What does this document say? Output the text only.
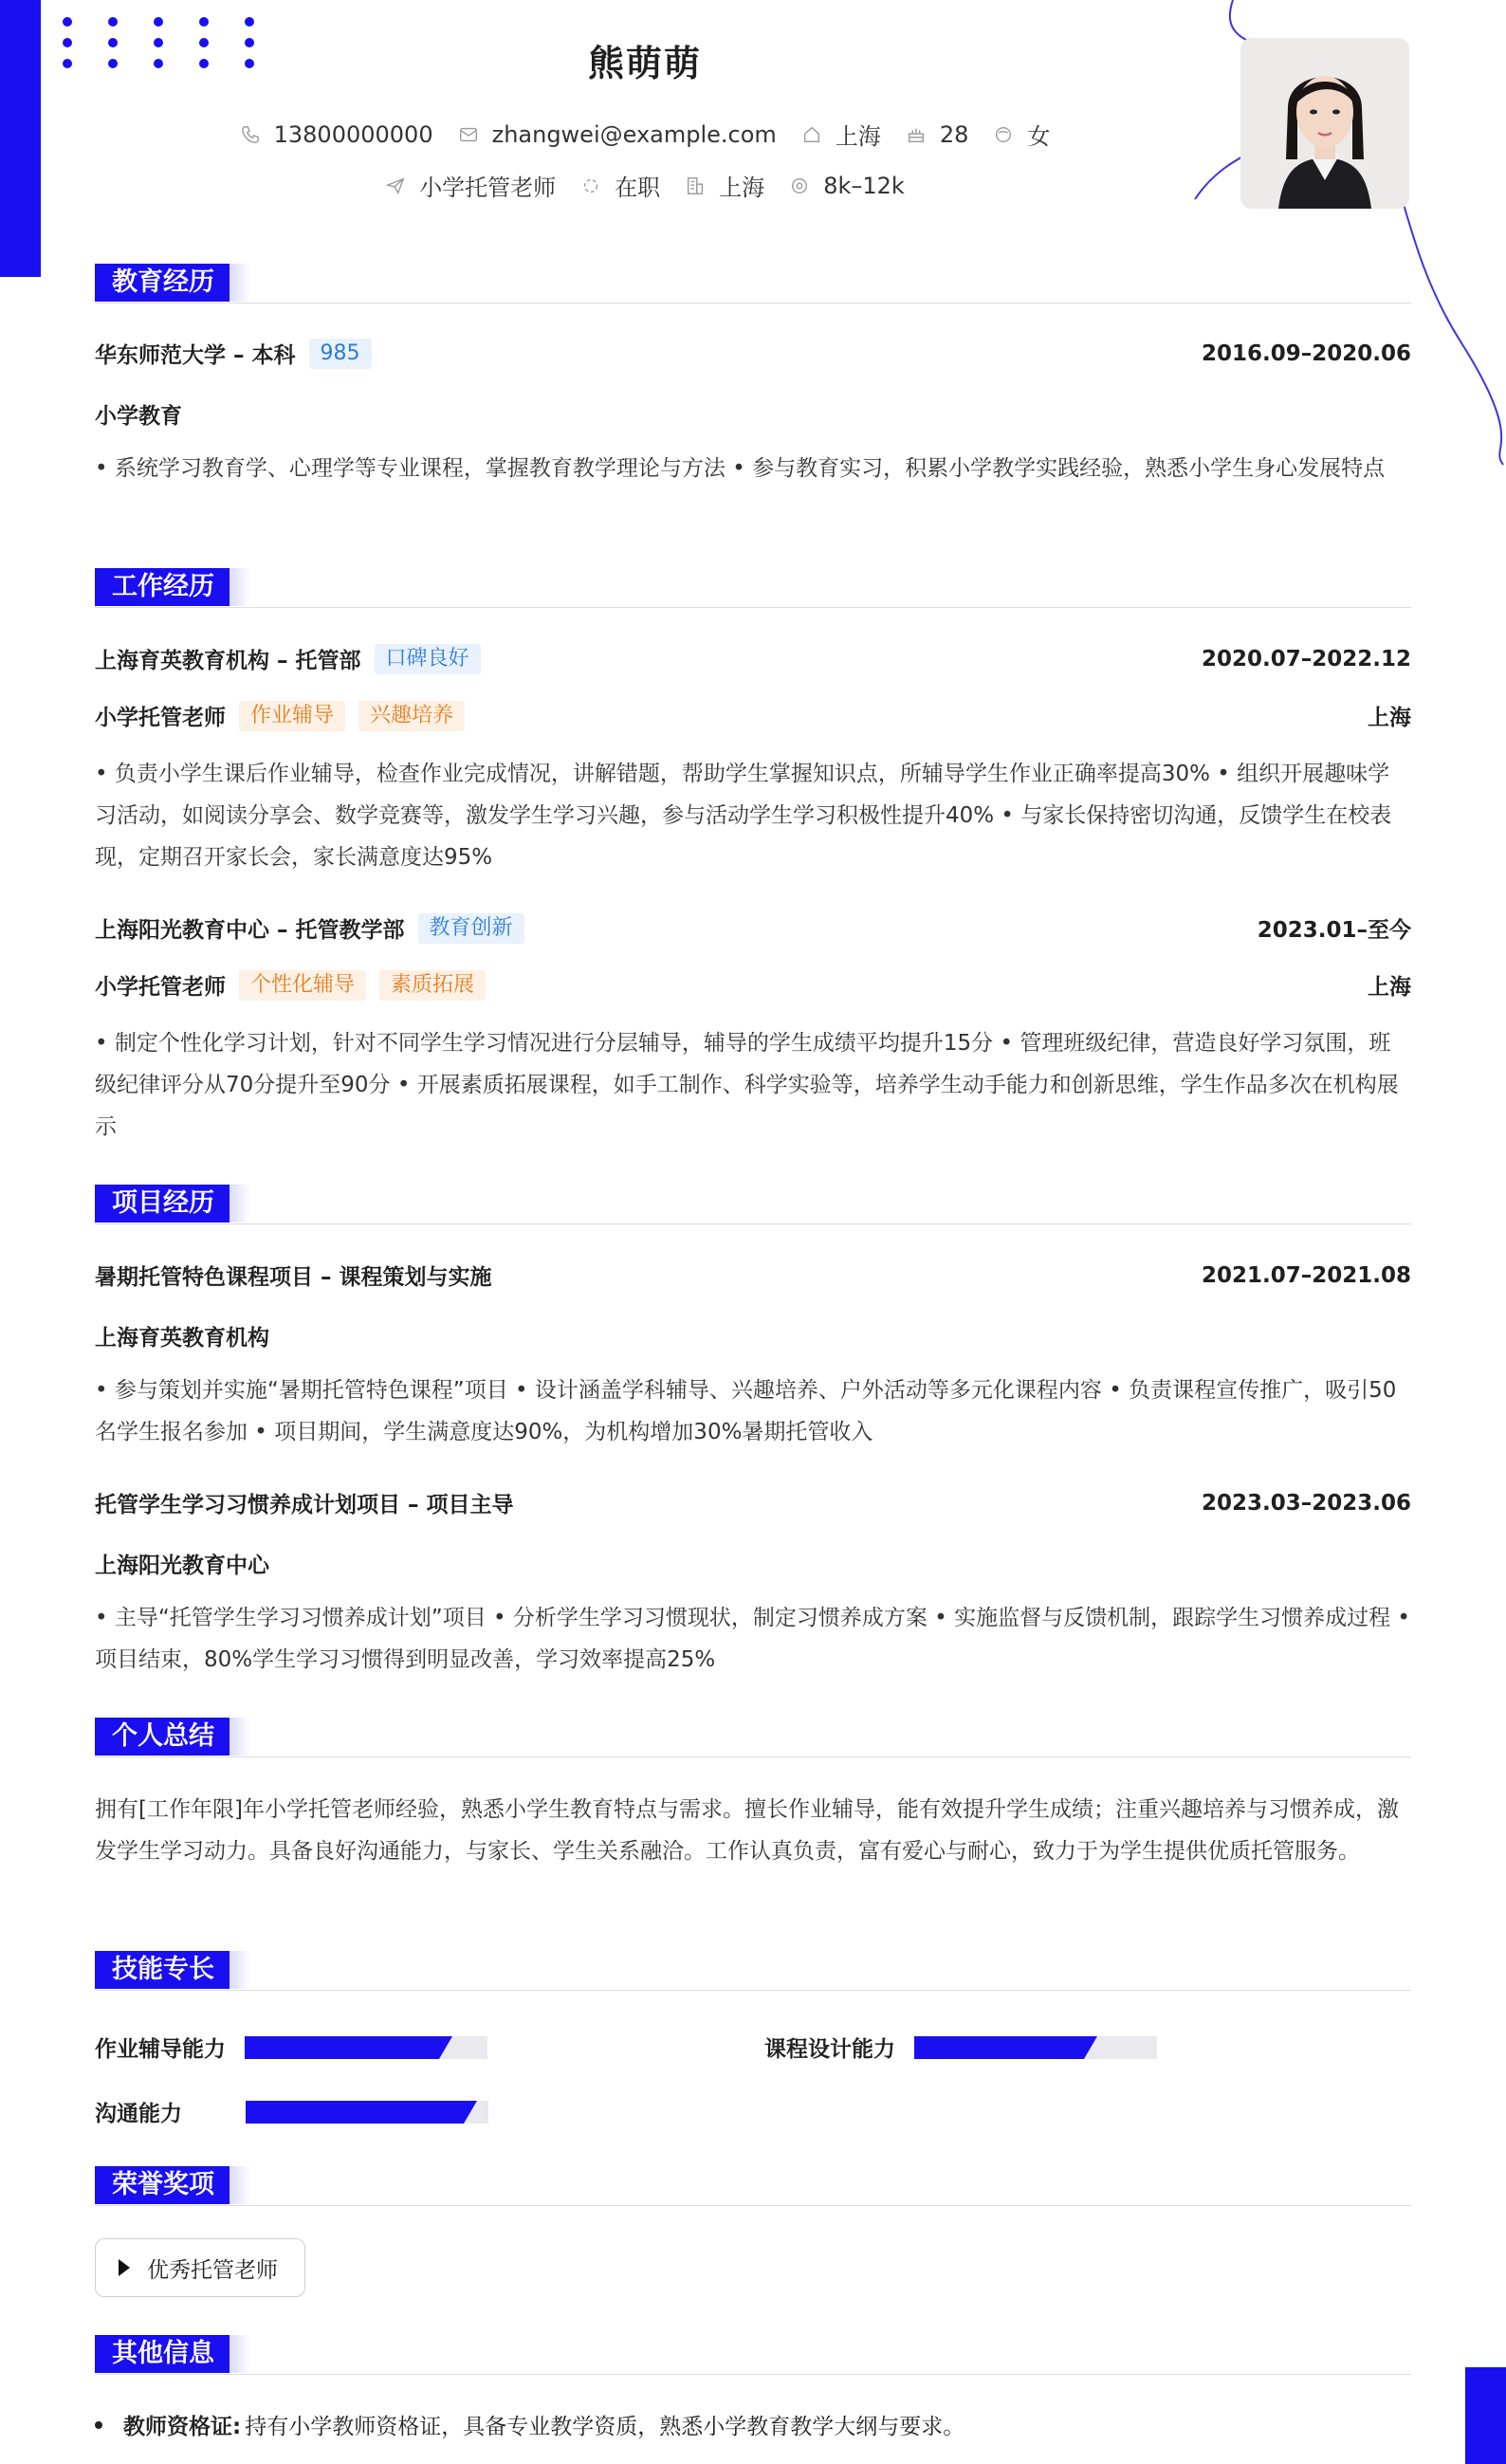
熊萌萌
13800000000	zhangwei@example.com	上海	28	女
小学托管老师	在职	上海	8k–12k
教育经历
华东师范大学 – 本科	985	2016.09–2020.06
小学教育
• 系统学习教育学、心理学等专业课程，掌握教育教学理论与方法 • 参与教育实习，积累小学教学实践经验，熟悉小学生身心发展特点
工作经历
上海育英教育机构 – 托管部	口碑良好	2020.07–2022.12
小学托管老师	作业辅导	兴趣培养	上海
• 负责小学生课后作业辅导，检查作业完成情况，讲解错题，帮助学生掌握知识点，所辅导学生作业正确率提高30% • 组织开展趣味学习活动，如阅读分享会、数学竞赛等，激发学生学习兴趣，参与活动学生学习积极性提升40% • 与家长保持密切沟通，反馈学生在校表现，定期召开家长会，家长满意度达95%
上海阳光教育中心 – 托管教学部	教育创新	2023.01–至今
小学托管老师	个性化辅导	素质拓展	上海
• 制定个性化学习计划，针对不同学生学习情况进行分层辅导，辅导的学生成绩平均提升15分 • 管理班级纪律，营造良好学习氛围，班级纪律评分从70分提升至90分 • 开展素质拓展课程，如手工制作、科学实验等，培养学生动手能力和创新思维，学生作品多次在机构展示
项目经历
暑期托管特色课程项目 – 课程策划与实施	2021.07–2021.08
上海育英教育机构
• 参与策划并实施“暑期托管特色课程”项目 • 设计涵盖学科辅导、兴趣培养、户外活动等多元化课程内容 • 负责课程宣传推广，吸引50名学生报名参加 • 项目期间，学生满意度达90%，为机构增加30%暑期托管收入
托管学生学习习惯养成计划项目 – 项目主导	2023.03–2023.06
上海阳光教育中心
• 主导“托管学生学习习惯养成计划”项目 • 分析学生学习习惯现状，制定习惯养成方案 • 实施监督与反馈机制，跟踪学生习惯养成过程 • 项目结束，80%学生学习习惯得到明显改善，学习效率提高25%
个人总结
拥有[工作年限]年小学托管老师经验，熟悉小学生教育特点与需求。擅长作业辅导，能有效提升学生成绩；注重兴趣培养与习惯养成，激发学生学习动力。具备良好沟通能力，与家长、学生关系融洽。工作认真负责，富有爱心与耐心，致力于为学生提供优质托管服务。
技能专长
作业辅导能力	课程设计能力
沟通能力
荣誉奖项
优秀托管老师
其他信息
教师资格证: 持有小学教师资格证，具备专业教学资质，熟悉小学教育教学大纲与要求。
